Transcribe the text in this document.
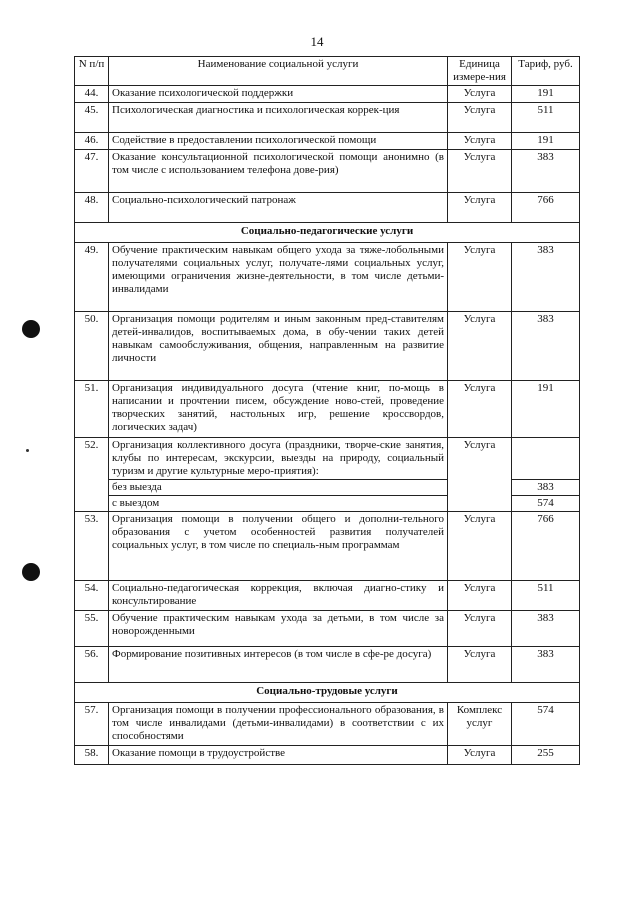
14
N п/п	Наименование социальной услуги	Единица измере-ния	Тариф, руб.
44.	Оказание психологической поддержки	Услуга	191
45.	Психологическая диагностика и психологическая коррек-ция	Услуга	511
46.	Содействие в предоставлении психологической помощи	Услуга	191
47.	Оказание консультационной психологической помощи анонимно (в том числе с использованием телефона дове-рия)	Услуга	383
48.	Социально-психологический патронаж	Услуга	766
Социально-педагогические услуги			
49.	Обучение практическим навыкам общего ухода за тяже-лобольными получателями социальных услуг, получате-лями социальных услуг, имеющими ограничения жизне-деятельности, в том числе детьми-инвалидами	Услуга	383
50.	Организация помощи родителям и иным законным пред-ставителям детей-инвалидов, воспитываемых дома, в обу-чении таких детей навыкам самообслуживания, общения, направленным на развитие личности	Услуга	383
51.	Организация индивидуального досуга (чтение книг, по-мощь в написании и прочтении писем, обсуждение ново-стей, проведение творческих занятий, настольных игр, решение кроссвордов, логических задач)	Услуга	191
52.	Организация коллективного досуга (праздники, творче-ские занятия, клубы по интересам, экскурсии, выезды на природу, социальный туризм и другие культурные меро-приятия):	Услуга	
	без выезда		383
	с выездом		574
53.	Организация помощи в получении общего и дополни-тельного образования с учетом особенностей развития получателей социальных услуг, в том числе по специаль-ным программам	Услуга	766
54.	Социально-педагогическая коррекция, включая диагно-стику и консультирование	Услуга	511
55.	Обучение практическим навыкам ухода за детьми, в том числе за новорожденными	Услуга	383
56.	Формирование позитивных интересов (в том числе в сфе-ре досуга)	Услуга	383
Социально-трудовые услуги			
57.	Организация помощи в получении профессионального образования, в том числе инвалидами (детьми-инвалидами) в соответствии с их способностями	Комплекс услуг	574
58.	Оказание помощи в трудоустройстве	Услуга	255
